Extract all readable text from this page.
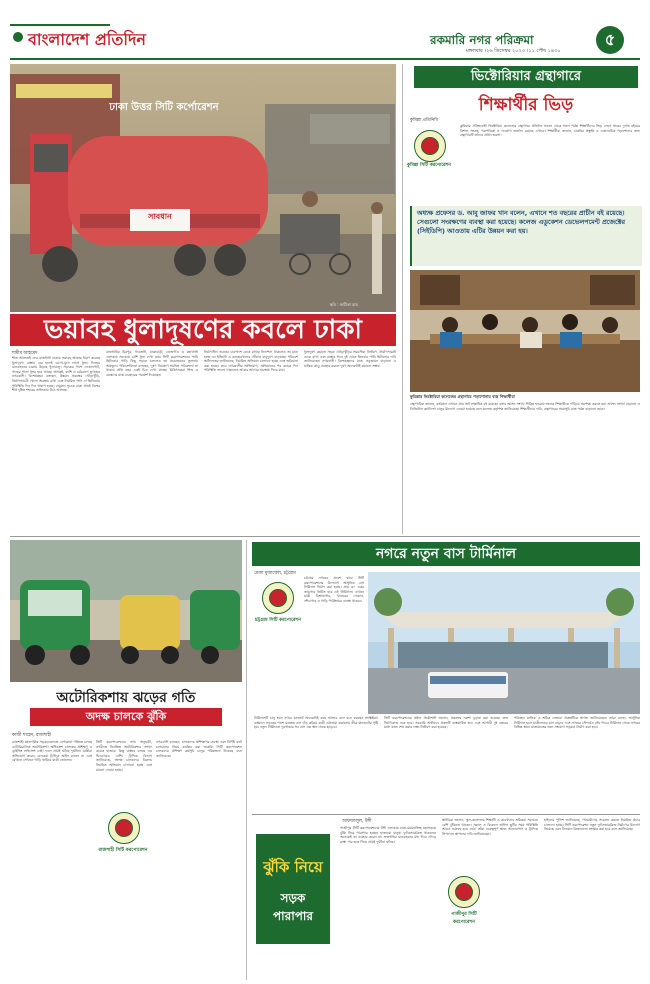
বাংলাদেশ প্রতিদিন	রকমারি নগর পরিক্রমা	৫
মঙ্গলবার ।২৬ ডিসেম্বর ২০২৩ ।১১ পৌষ ১৪৩০
ঢাকা উত্তর সিটি কর্পোরেশন
সাবধান
ছবি : জয়ীতা রায়
ভয়াবহ ধুলাদূষণের কবলে ঢাকা
শামীম আহমেদ
শীত আসতেই ফের রাজধানী ঢাকায় ভয়াবহ আকার ধারণ করেছে ধুলাদূষণ। রাস্তায় বের হলেই চোখে-মুখে লাগে ধুলা। দিনভর যানবাহনের চাকায় উড়ছে ধুলাবালু। সড়কের পাশে দোকানপাট, গাছের পাতা ধূসর হয়ে আছে। শ্বাসকষ্ট, কাশি ও চর্মরোগে ভুগছেন নগরবাসী। বিশেষজ্ঞরা বলছেন, উন্নয়ন প্রকল্পের খোঁড়াখুঁড়ি, নির্মাণসামগ্রী খোলা অবস্থায় রাখা এবং নিয়মিত পানি না ছিটানোয় পরিস্থিতি দিন দিন খারাপ হচ্ছে। বায়ুমান সূচকে ঢাকা প্রায়ই বিশ্বের শীর্ষ দূষিত শহরের তালিকায় উঠে আসছে।
রাজধানীর মিরপুর, গাবতলী, যাত্রাবাড়ী, তেজগাঁও ও মহাখালী এলাকায় সবচেয়ে বেশি ধুলা দেখা যায়। সিটি করপোরেশনের পানি ছিটানোর গাড়ি কিছু সড়কে চললেও তা প্রয়োজনের তুলনায় অপ্রতুল। পরিবেশবিদরা বলছেন, দূষণ নিয়ন্ত্রণে সমন্বিত পরিকল্পনা না থাকায় প্রতি বছর একই চিত্র দেখা যাচ্ছে। চিকিৎসকরা শিশু ও বয়স্কদের মাস্ক ব্যবহারের পরামর্শ দিয়েছেন।
নির্মাণাধীন ভবনের চারপাশে ঢেকে রাখার নির্দেশনা থাকলেও তা মানা হচ্ছে না। ইটভাটা ও কলকারখানার ধোঁয়াও বায়ুদূষণ বাড়াচ্ছে। পরিবেশ অধিদফতর জানিয়েছে, নিয়মিত অভিযান চালানো হচ্ছে এবং জরিমানা করা হচ্ছে। তবে নগরবাসীর অভিযোগ, অভিযানের পর কয়েক দিন পরিস্থিতি ভালো থাকলেও আবার আগের অবস্থায় ফিরে যায়।
ধুলাদূষণ কমাতে সড়ক খোঁড়াখুঁড়ির সময়সীমা নির্ধারণ, নির্মাণসামগ্রী ঢেকে রাখা এবং রাস্তায় দিনে দুই থেকে তিনবার পানি ছিটানোর দাবি জানিয়েছেন নগরবাসী। বিশেষজ্ঞদের মতে, সবুজায়ন বাড়ানো ও যান্ত্রিক ঝাড়ু ব্যবহার করলে দূষণ অনেকটাই কমানো সম্ভব।
ভিক্টোরিয়ার গ্রন্থাগারে
শিক্ষার্থীর ভিড়
কুমিল্লা প্রতিনিধি
কুমিল্লা সিটি করপোরেশন
কুমিল্লার ঐতিহ্যবাহী ভিক্টোরিয়া কলেজের গ্রন্থাগারে প্রতিদিন সকাল থেকে সন্ধ্যা পর্যন্ত শিক্ষার্থীদের ভিড় লেগে থাকে। দুর্লভ বইয়ের বিশাল সংগ্রহ, পত্রপত্রিকা ও গবেষণা জার্নাল রয়েছে এখানে। শিক্ষার্থীরা জানান, চাকরির প্রস্তুতি ও একাডেমিক পড়াশোনার জন্য গ্রন্থাগারটি তাঁদের প্রধান ভরসা।
অধ্যক্ষ প্রফেসর ড. আবু জাফর খান বলেন, এখানে শত বছরের প্রাচীন বই রয়েছে। সেগুলো সংরক্ষণের ব্যবস্থা করা হয়েছে। কলেজ এডুকেশন ডেভেলপমেন্ট প্রজেক্টের (সিইডিপি) আওতায় এটির উন্নয়ন করা হয়।
কুমিল্লার ভিক্টোরিয়া কলেজের গ্রন্থাগারে পড়াশোনায় ব্যস্ত শিক্ষার্থীরা
গ্রন্থাগারিক জানান, বর্তমানে এখানে প্রায় অর্ধ লক্ষাধিক বই রয়েছে। বসার আসন সংখ্যা সীমিত হওয়ায় অনেক শিক্ষার্থীকে দাঁড়িয়ে অপেক্ষা করতে হয়। আসন সংখ্যা বাড়ানো ও ডিজিটাল ক্যাটালগ চালুর উদ্যোগ নেওয়া হয়েছে বলে কলেজ কর্তৃপক্ষ জানিয়েছে। শিক্ষার্থীদের দাবি, গ্রন্থাগারের সময়সূচি রাত পর্যন্ত বাড়ানো হোক।
অটোরিকশায় ঝড়ের গতি
অদক্ষ চালকে ঝুঁকি
কাজী শাহেদ, রাজশাহী
রাজশাহী মহানগরীর সড়কগুলোতে বেপরোয়া গতিতে চলছে ব্যাটারিচালিত অটোরিকশা। অধিকাংশ চালকের প্রশিক্ষণ ও ড্রাইভিং লাইসেন্স নেই। ফলে প্রায়ই ঘটছে দুর্ঘটনা। যাত্রীরা অভিযোগ করেন, চালকরা ট্রাফিক আইন মানেন না এবং যেখানে সেখানে গাড়ি থামিয়ে যাত্রী তোলেন।
রাজশাহী সিটি করপোরেশন
সিটি করপোরেশনের তথ্য অনুযায়ী, নগরীতে নিবন্ধিত অটোরিকশার সংখ্যা কয়েক হাজার। কিন্তু বাস্তবে চলছে এর দ্বিগুণেরও বেশি। ট্রাফিক বিভাগ জানিয়েছে, অদক্ষ চালকদের বিরুদ্ধে নিয়মিত অভিযান চালানো হচ্ছে এবং মামলা দেওয়া হচ্ছে।
নগরবাসী বলছেন, চালকদের প্রশিক্ষণের ব্যবস্থা এবং নির্দিষ্ট রুটে চলাচলের নিয়ম কার্যকর করা জরুরি। সিটি করপোরেশন চালকদের প্রশিক্ষণ কর্মসূচি চালুর পরিকল্পনা নিয়েছে বলে জানিয়েছে।
নগরে নতুন বাস টার্মিনাল
রেজা মুজাম্মেল, চট্টগ্রাম
চট্টগ্রাম সিটি করপোরেশন
চট্টগ্রাম নগরের প্রবেশ দ্বারে সিটি করপোরেশনের উদ্যোগে আধুনিক বাস টার্মিনাল নির্মাণ করা হচ্ছে। প্রায় ৩০ একর জায়গায় নির্মিত হবে এই টার্মিনাল। এখানে যাত্রী বিশ্রামাগার, খাবারের দোকান, শৌচাগার ও গাড়ি পার্কিংয়ের ব্যবস্থা থাকবে।
টার্মিনালটি চালু হলে নগরে যানজট অনেকটাই কমে আসবে বলে মনে করছেন সংশ্লিষ্টরা। বর্তমানে সড়কের পাশে যত্রতত্র বাস দাঁড় করিয়ে যাত্রী ওঠানামা করানোয় তীব্র যানজটের সৃষ্টি হয়। নতুন টার্মিনালে দূরপাল্লার সব বাস এক স্থান থেকে ছাড়বে।
সিটি করপোরেশনের প্রধান প্রকৌশলী জানান, প্রকল্পের নকশা চূড়ান্ত করা হয়েছে। দ্রুত নির্মাণকাজ শুরু হবে। সরকারি অর্থায়নে প্রকল্পটি বাস্তবায়িত হবে এবং আগামী দুই বছরের মধ্যে কাজ শেষ করার লক্ষ্য নির্ধারণ করা হয়েছে।
পরিবহন মালিক ও শ্রমিক নেতারা প্রকল্পটিকে স্বাগত জানিয়েছেন। তাঁরা বলেন, আধুনিক টার্মিনাল হলে যাত্রীসেবার মান বাড়বে এবং নগরের সৌন্দর্যও বৃদ্ধি পাবে। টার্মিনাল থেকে নগরের বিভিন্ন স্থানে যাতায়াতের জন্য সংযোগ সড়কও নির্মাণ করা হবে।
ঝুঁকি নিয়ে
সড়ক পারাপার
আফজালুল, টঙ্গী
গাজীপুর সিটি করপোরেশনের টঙ্গী এলাকায় ঢাকা-ময়মনসিংহ মহাসড়কে ঝুঁকি নিয়ে পারাপার হচ্ছেন হাজারো মানুষ। ফুটওভারব্রিজ থাকলেও অনেকেই তা ব্যবহার করেন না। দ্রুতগতির যানবাহনের মধ্য দিয়ে দৌড়ে রাস্তা পার হতে গিয়ে প্রায়ই দুর্ঘটনা ঘটছে।
গাজীপুর সিটি করপোরেশন
স্থানীয়রা জানান, স্কুল-কলেজের শিক্ষার্থী ও কারখানার শ্রমিকরা সবচেয়ে বেশি ঝুঁকিতে থাকেন। সকাল ও বিকেলে অফিস ছুটির সময় পরিস্থিতি আরও ভয়াবহ হয়ে ওঠে। তাঁরা গুরুত্বপূর্ণ স্থানে আন্ডারপাস ও ট্রাফিক সিগন্যাল স্থাপনের দাবি জানিয়েছেন।
হাইওয়ে পুলিশ জানিয়েছে, পথচারীদের সচেতন করতে নিয়মিত প্রচার চালানো হচ্ছে। সিটি করপোরেশন নতুন ফুটওভারব্রিজ নির্মাণের উদ্যোগ নিয়েছে এবং বিদ্যমান ব্রিজগুলো সংস্কার করা হবে বলে জানিয়েছে।
